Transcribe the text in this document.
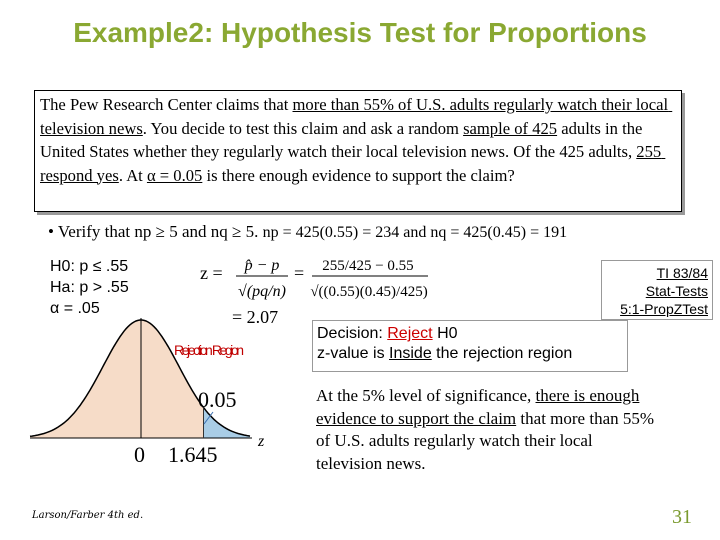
Example2: Hypothesis Test for Proportions
The Pew Research Center claims that more than 55% of U.S. adults regularly watch their local television news. You decide to test this claim and ask a random sample of 425 adults in the United States whether they regularly watch their local television news. Of the 425 adults, 255 respond yes. At α = 0.05 is there enough evidence to support the claim?
• Verify that np ≥ 5 and nq ≥ 5. np = 425(0.55) = 234 and nq = 425(0.45) = 191
H0: p ≤ .55
Ha: p > .55
α = .05
z = p̂ − p
√(pq/n)
= 255/425 − 0.55
√((0.55)(0.45)/425)
= 2.07
Rejection Region
0.05
0 1.645
z
TI 83/84
Stat-Tests
5:1-PropZTest
Decision: Reject H0
z-value is Inside the rejection region
At the 5% level of significance, there is enough evidence to support the claim that more than 55% of U.S. adults regularly watch their local television news.
Larson/Farber 4th ed.	31
